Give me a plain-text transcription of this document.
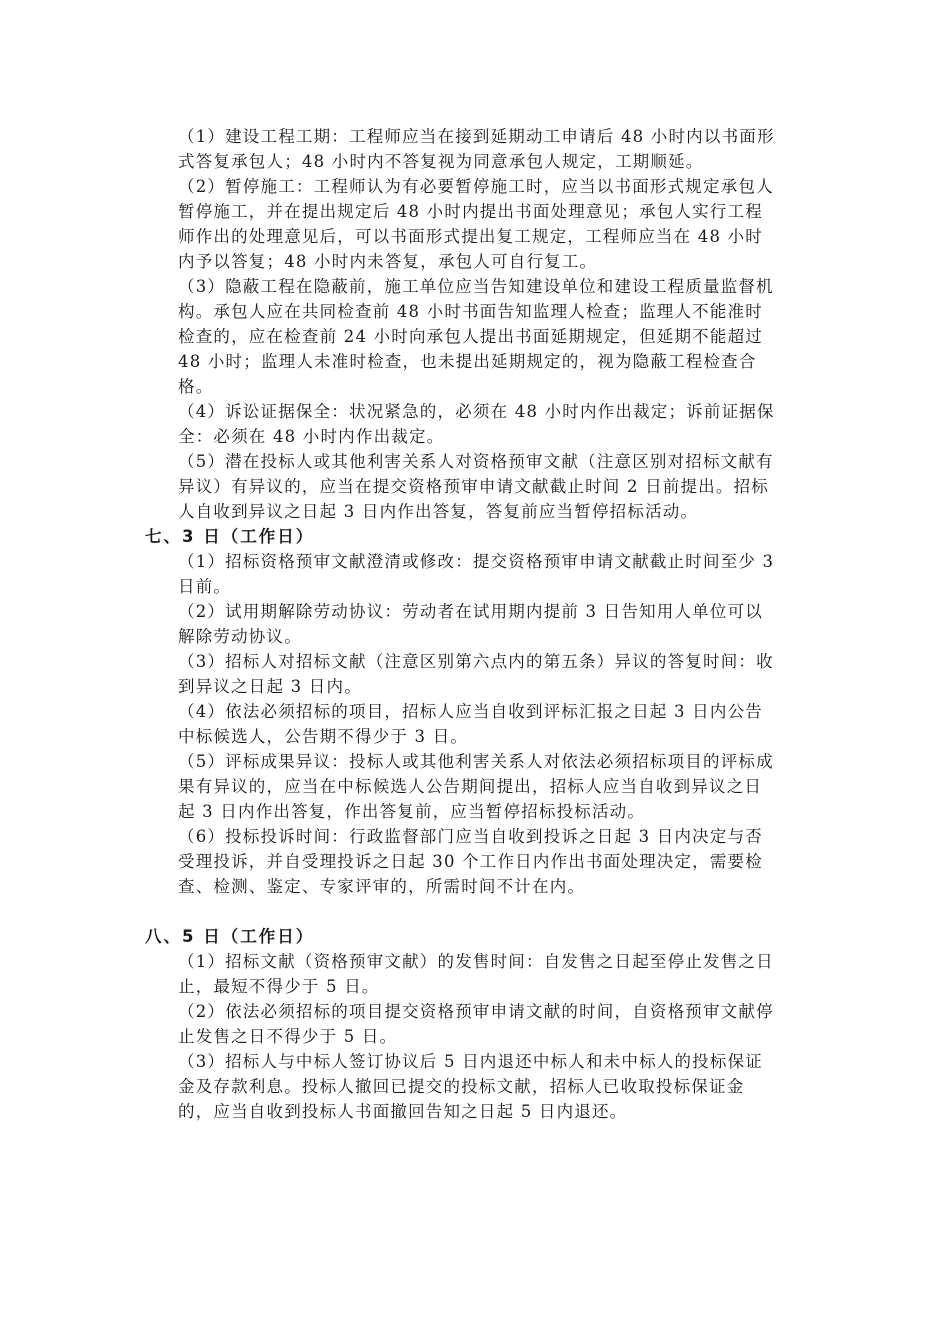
（1）建设工程工期：工程师应当在接到延期动工申请后 48 小时内以书面形式答复承包人；48 小时内不答复视为同意承包人规定，工期顺延。

（2）暂停施工：工程师认为有必要暂停施工时，应当以书面形式规定承包人暂停施工，并在提出规定后 48 小时内提出书面处理意见；承包人实行工程师作出的处理意见后，可以书面形式提出复工规定，工程师应当在 48 小时内予以答复；48 小时内未答复，承包人可自行复工。

（3）隐蔽工程在隐蔽前，施工单位应当告知建设单位和建设工程质量监督机构。承包人应在共同检查前 48 小时书面告知监理人检查；监理人不能准时检查的，应在检查前 24 小时向承包人提出书面延期规定，但延期不能超过 48 小时；监理人未准时检查，也未提出延期规定的，视为隐蔽工程检查合格。

（4）诉讼证据保全：状况紧急的，必须在 48 小时内作出裁定；诉前证据保全：必须在 48 小时内作出裁定。

（5）潜在投标人或其他利害关系人对资格预审文献（注意区别对招标文献有异议）有异议的，应当在提交资格预审申请文献截止时间 2 日前提出。招标人自收到异议之日起 3 日内作出答复，答复前应当暂停招标活动。

七、3 日（工作日）

（1）招标资格预审文献澄清或修改：提交资格预审申请文献截止时间至少 3 日前。

（2）试用期解除劳动协议：劳动者在试用期内提前 3 日告知用人单位可以解除劳动协议。

（3）招标人对招标文献（注意区别第六点内的第五条）异议的答复时间：收到异议之日起 3 日内。

（4）依法必须招标的项目，招标人应当自收到评标汇报之日起 3 日内公告中标候选人，公告期不得少于 3 日。

（5）评标成果异议：投标人或其他利害关系人对依法必须招标项目的评标成果有异议的，应当在中标候选人公告期间提出，招标人应当自收到异议之日起 3 日内作出答复，作出答复前，应当暂停招标投标活动。

（6）投标投诉时间：行政监督部门应当自收到投诉之日起 3 日内决定与否受理投诉，并自受理投诉之日起 30 个工作日内作出书面处理决定，需要检查、检测、鉴定、专家评审的，所需时间不计在内。

八、5 日（工作日）

（1）招标文献（资格预审文献）的发售时间：自发售之日起至停止发售之日止，最短不得少于 5 日。

（2）依法必须招标的项目提交资格预审申请文献的时间，自资格预审文献停止发售之日不得少于 5 日。

（3）招标人与中标人签订协议后 5 日内退还中标人和未中标人的投标保证金及存款利息。投标人撤回已提交的投标文献，招标人已收取投标保证金的，应当自收到投标人书面撤回告知之日起 5 日内退还。
